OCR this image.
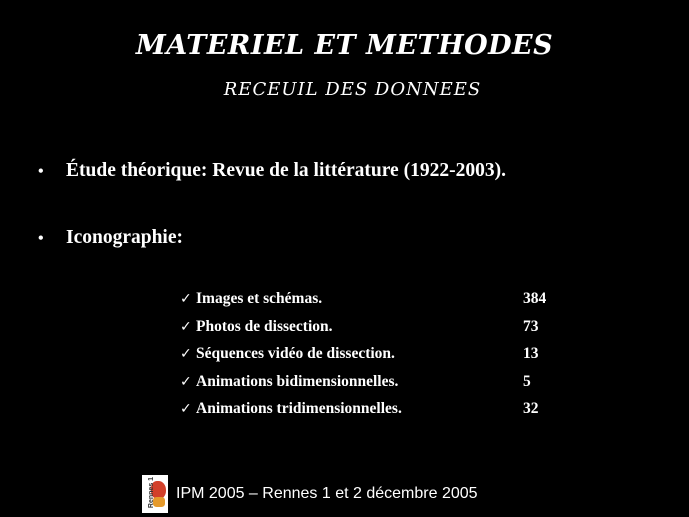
MATERIEL ET METHODES
RECEUIL DES DONNEES
• Étude théorique: Revue de la littérature (1922-2003).
• Iconographie:
✓ Images et schémas.	384
✓ Photos de dissection.	73
✓ Séquences vidéo de dissection.	13
✓ Animations bidimensionnelles.	5
✓ Animations tridimensionnelles.	32
Rennes 1 IPM 2005 – Rennes 1 et 2 décembre 2005
